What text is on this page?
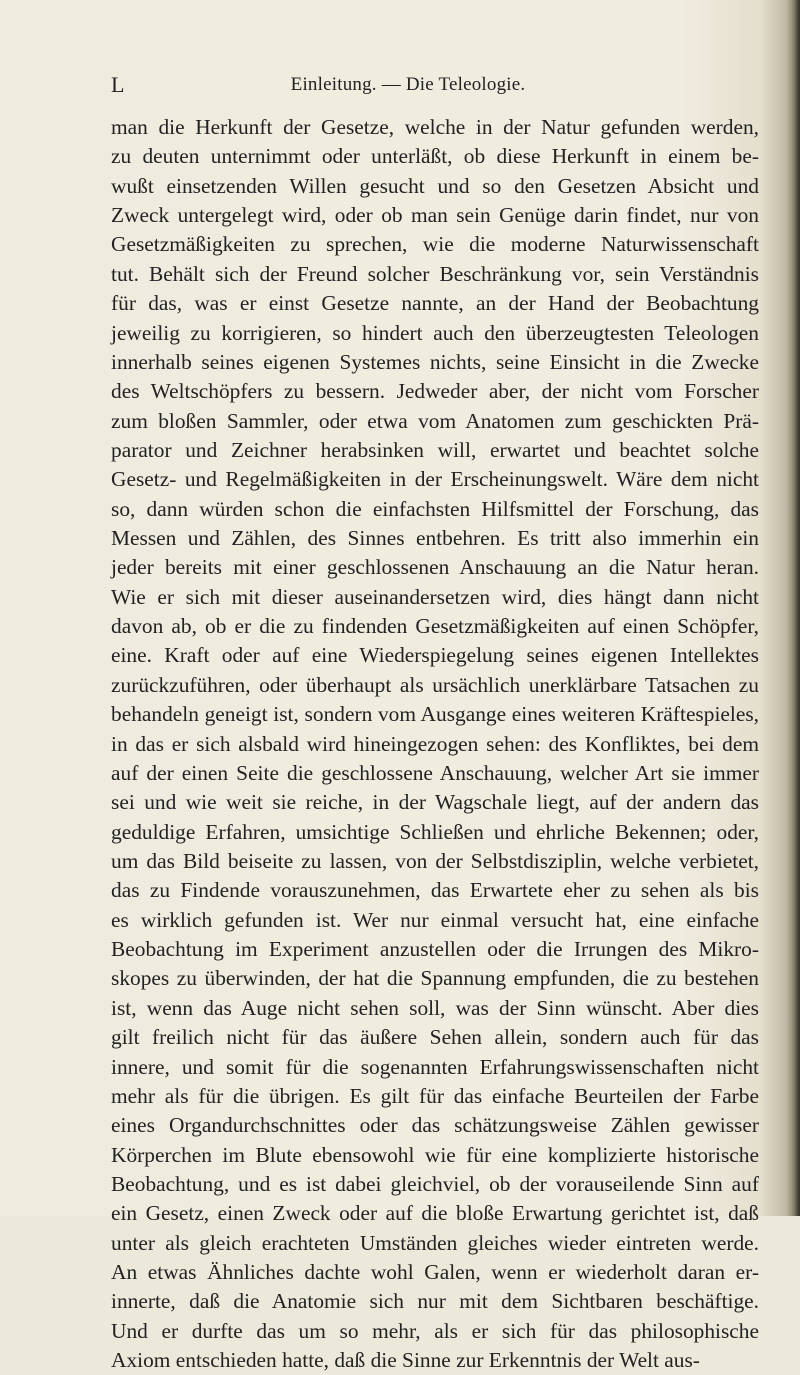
L	Einleitung. — Die Teleologie.
man die Herkunft der Gesetze, welche in der Natur gefunden werden,
zu deuten unternimmt oder unterläßt, ob diese Herkunft in einem be-
wußt einsetzenden Willen gesucht und so den Gesetzen Absicht und
Zweck untergelegt wird, oder ob man sein Genüge darin findet, nur von
Gesetzmäßigkeiten zu sprechen, wie die moderne Naturwissenschaft
tut. Behält sich der Freund solcher Beschränkung vor, sein Verständnis
für das, was er einst Gesetze nannte, an der Hand der Beobachtung
jeweilig zu korrigieren, so hindert auch den überzeugtesten Teleologen
innerhalb seines eigenen Systemes nichts, seine Einsicht in die Zwecke
des Weltschöpfers zu bessern. Jedweder aber, der nicht vom Forscher
zum bloßen Sammler, oder etwa vom Anatomen zum geschickten Prä-
parator und Zeichner herabsinken will, erwartet und beachtet solche
Gesetz- und Regelmäßigkeiten in der Erscheinungswelt. Wäre dem nicht
so, dann würden schon die einfachsten Hilfsmittel der Forschung, das
Messen und Zählen, des Sinnes entbehren. Es tritt also immerhin ein
jeder bereits mit einer geschlossenen Anschauung an die Natur heran.
Wie er sich mit dieser auseinandersetzen wird, dies hängt dann nicht
davon ab, ob er die zu findenden Gesetzmäßigkeiten auf einen Schöpfer,
eine. Kraft oder auf eine Wiederspiegelung seines eigenen Intellektes
zurückzuführen, oder überhaupt als ursächlich unerklärbare Tatsachen zu
behandeln geneigt ist, sondern vom Ausgange eines weiteren Kräftespieles,
in das er sich alsbald wird hineingezogen sehen: des Konfliktes, bei dem
auf der einen Seite die geschlossene Anschauung, welcher Art sie immer
sei und wie weit sie reiche, in der Wagschale liegt, auf der andern das
geduldige Erfahren, umsichtige Schließen und ehrliche Bekennen; oder,
um das Bild beiseite zu lassen, von der Selbstdisziplin, welche verbietet,
das zu Findende vorauszunehmen, das Erwartete eher zu sehen als bis
es wirklich gefunden ist. Wer nur einmal versucht hat, eine einfache
Beobachtung im Experiment anzustellen oder die Irrungen des Mikro-
skopes zu überwinden, der hat die Spannung empfunden, die zu bestehen
ist, wenn das Auge nicht sehen soll, was der Sinn wünscht. Aber dies
gilt freilich nicht für das äußere Sehen allein, sondern auch für das
innere, und somit für die sogenannten Erfahrungswissenschaften nicht
mehr als für die übrigen. Es gilt für das einfache Beurteilen der Farbe
eines Organdurchschnittes oder das schätzungsweise Zählen gewisser
Körperchen im Blute ebensowohl wie für eine komplizierte historische
Beobachtung, und es ist dabei gleichviel, ob der vorauseilende Sinn auf
ein Gesetz, einen Zweck oder auf die bloße Erwartung gerichtet ist, daß
unter als gleich erachteten Umständen gleiches wieder eintreten werde.
An etwas Ähnliches dachte wohl Galen, wenn er wiederholt daran er-
innerte, daß die Anatomie sich nur mit dem Sichtbaren beschäftige.
Und er durfte das um so mehr, als er sich für das philosophische
Axiom entschieden hatte, daß die Sinne zur Erkenntnis der Welt aus-
